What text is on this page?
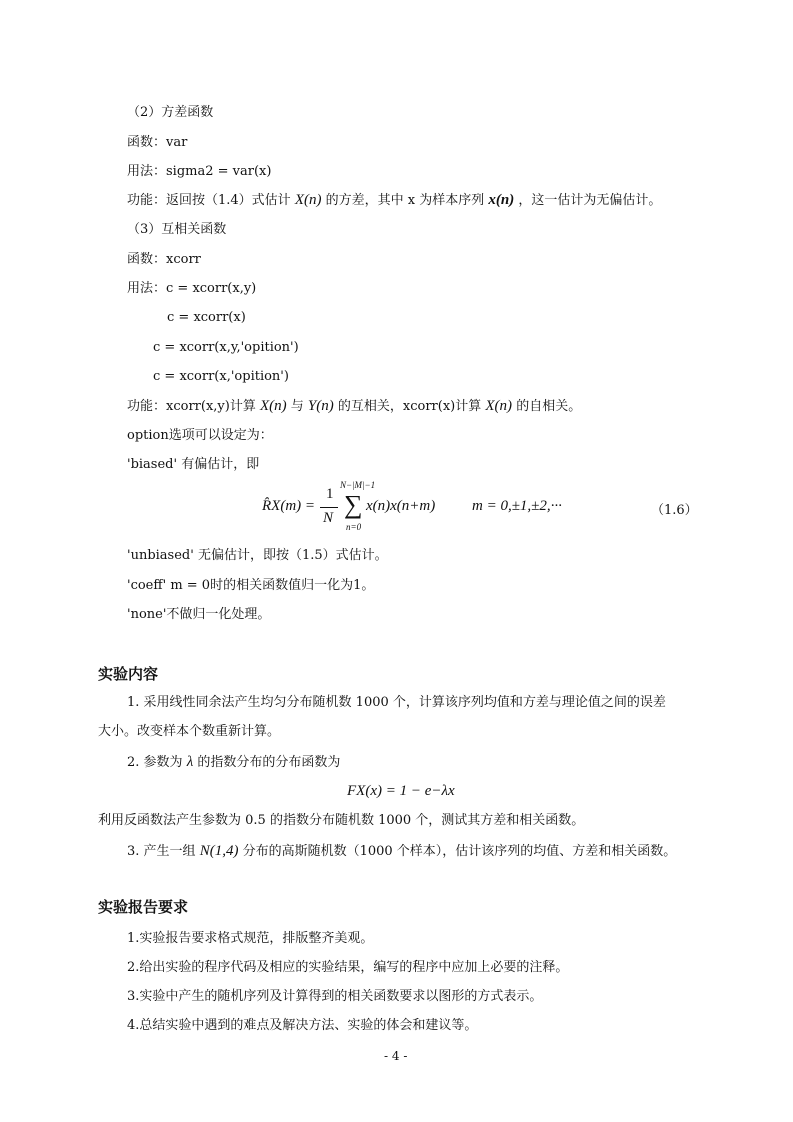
（2）方差函数
函数：var
用法：sigma2 = var(x)
功能：返回按（1.4）式估计 X(n) 的方差，其中 x 为样本序列 x(n) ，这一估计为无偏估计。
（3）互相关函数
函数：xcorr
用法：c = xcorr(x,y)
c = xcorr(x)
c = xcorr(x,y,'opition')
c = xcorr(x,'opition')
功能：xcorr(x,y)计算 X(n) 与 Y(n) 的互相关，xcorr(x)计算 X(n) 的自相关。
option选项可以设定为：
'biased' 有偏估计，即
R̂X(m) =
1
N
N−|M|−1
∑
n=0
x(n)x(n+m) m = 0,±1,±2,···	（1.6）
'unbiased' 无偏估计，即按（1.5）式估计。
'coeff' m = 0时的相关函数值归一化为1。
'none'不做归一化处理。
实验内容
1. 采用线性同余法产生均匀分布随机数 1000 个，计算该序列均值和方差与理论值之间的误差
大小。改变样本个数重新计算。
2. 参数为 λ 的指数分布的分布函数为
FX(x) = 1 − e−λx
利用反函数法产生参数为 0.5 的指数分布随机数 1000 个，测试其方差和相关函数。
3. 产生一组 N(1,4) 分布的高斯随机数（1000 个样本），估计该序列的均值、方差和相关函数。
实验报告要求
1.实验报告要求格式规范，排版整齐美观。
2.给出实验的程序代码及相应的实验结果，编写的程序中应加上必要的注释。
3.实验中产生的随机序列及计算得到的相关函数要求以图形的方式表示。
4.总结实验中遇到的难点及解决方法、实验的体会和建议等。
- 4 -
